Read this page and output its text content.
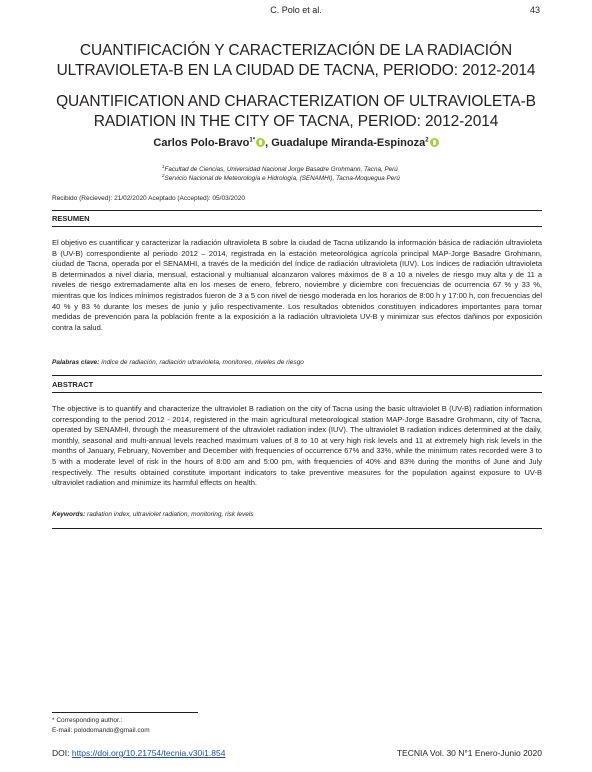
C. Polo et al.	43
CUANTIFICACIÓN Y CARACTERIZACIÓN DE LA RADIACIÓN
ULTRAVIOLETA-B EN LA CIUDAD DE TACNA, PERIODO: 2012-2014
QUANTIFICATION AND CHARACTERIZATION OF ULTRAVIOLETA-B
RADIATION IN THE CITY OF TACNA, PERIOD: 2012-2014
Carlos Polo-Bravo$^{1*}$ , Guadalupe Miranda-Espinoza$^2$
$^1$Facultad de Ciencias, Universidad Nacional Jorge Basadre Grohmann, Tacna, Perú
$^2$Servicio Nacional de Meteorología e Hidrología, (SENAMHI), Tacna-Moquegua Perú
Recibido (Recieved): 21/02/2020 Aceptado (Accepted): 05/03/2020
RESUMEN
El objetivo es cuantificar y caracterizar la radiación ultravioleta B sobre la ciudad de Tacna utilizando la información básica de radiación ultravioleta B (UV-B) correspondiente al periodo 2012 – 2014, registrada en la estación meteorológica agrícola principal MAP-Jorge Basadre Grohmann, ciudad de Tacna, operada por el SENAMHI, a través de la medición del índice de radiación ultravioleta (IUV). Los índices de radiación ultravioleta B determinados a nivel diaria, mensual, estacional y multianual alcanzaron valores máximos de 8 a 10 a niveles de riesgo muy alta y de 11 a niveles de riesgo extremadamente alta en los meses de enero, febrero, noviembre y diciembre con frecuencias de ocurrencia 67 % y 33 %, mientras que los índices mínimos registrados fueron de 3 a 5 con nivel de riesgo moderada en los horarios de 8:00 h y 17:00 h, con frecuencias del 40 % y 83 % durante los meses de junio y julio respectivamente. Los resultados obtenidos constituyen indicadores importantes para tomar medidas de prevención para la población frente a la exposición a la radiación ultravioleta UV-B y minimizar sus efectos dañinos por exposición contra la salud.
Palabras clave: índice de radiación, radiación ultravioleta, monitoreo, niveles de riesgo
ABSTRACT
The objective is to quantify and characterize the ultraviolet B radiation on the city of Tacna using the basic ultraviolet B (UV-B) radiation information corresponding to the period 2012 - 2014, registered in the main agricultural meteorological station MAP-Jorge Basadre Grohmann, city of Tacna, operated by SENAMHI, through the measurement of the ultraviolet radiation index (IUV). The ultraviolet B radiation indices determined at the daily, monthly, seasonal and multi-annual levels reached maximum values of 8 to 10 at very high risk levels and 11 at extremely high risk levels in the months of January, February, November and December with frequencies of occurrence 67% and 33%, while the minimum rates recorded were 3 to 5 with a moderate level of risk in the hours of 8:00 am and 5:00 pm, with frequencies of 40% and 83% during the months of June and July respectively. The results obtained constitute important indicators to take preventive measures for the population against exposure to UV-B ultraviolet radiation and minimize its harmful effects on health.
Keywords: radiation index, ultraviolet radiation, monitoring, risk levels
* Corresponding author.:
E-mail: polodomando@gmail.com
DOI: https://doi.org/10.21754/tecnia.v30i1.854	TECNIA Vol. 30 N°1 Enero-Junio 2020
